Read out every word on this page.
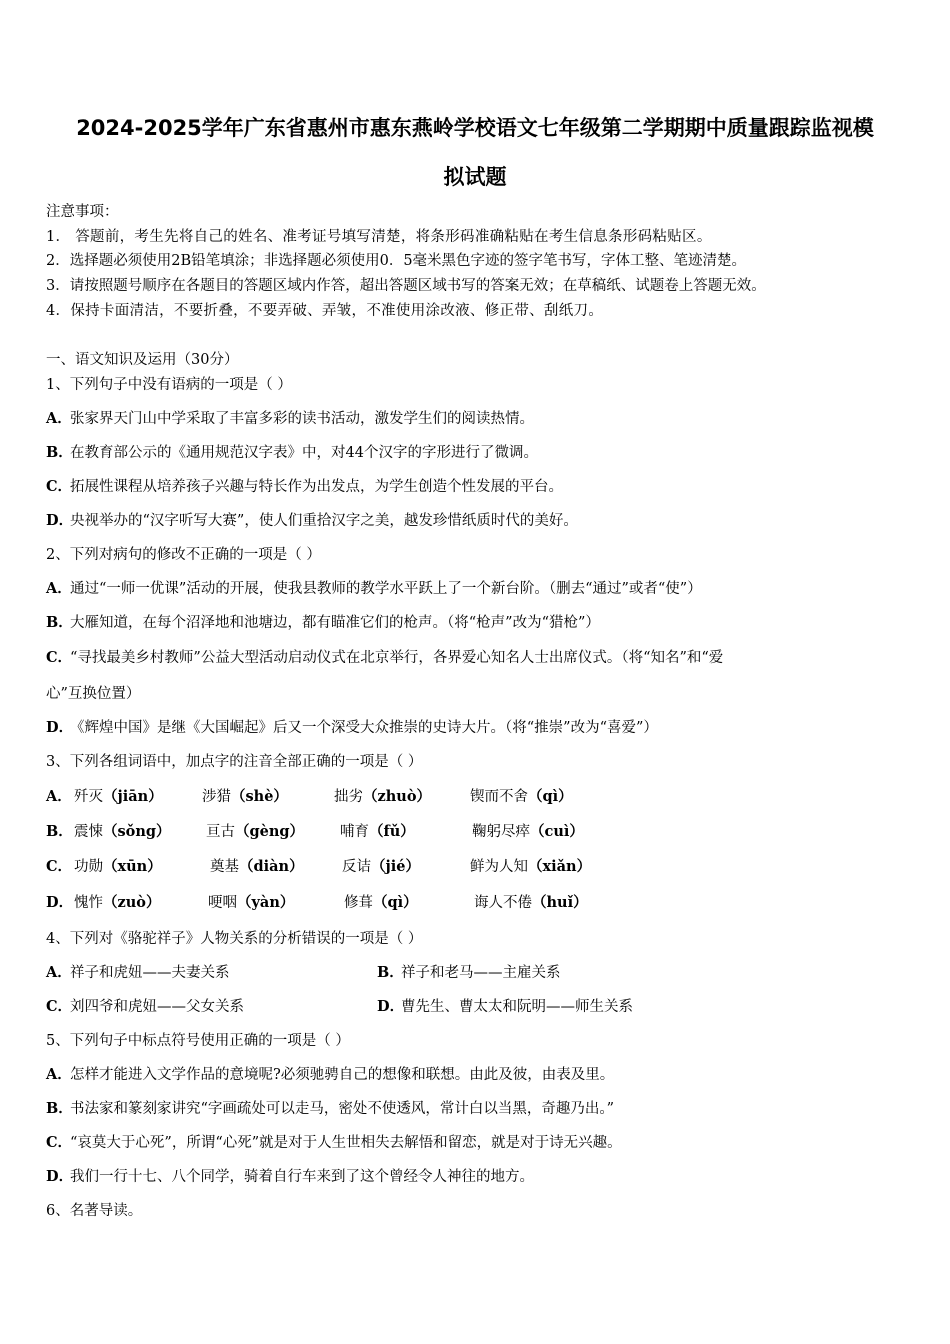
2024-2025学年广东省惠州市惠东燕岭学校语文七年级第二学期期中质量跟踪监视模
拟试题
注意事项：
1． 答题前，考生先将自己的姓名、准考证号填写清楚，将条形码准确粘贴在考生信息条形码粘贴区。
2．选择题必须使用2B铅笔填涂；非选择题必须使用0．5毫米黑色字迹的签字笔书写，字体工整、笔迹清楚。
3．请按照题号顺序在各题目的答题区域内作答，超出答题区域书写的答案无效；在草稿纸、试题卷上答题无效。
4．保持卡面清洁，不要折叠，不要弄破、弄皱，不准使用涂改液、修正带、刮纸刀。
一、语文知识及运用（30分）
1、下列句子中没有语病的一项是（ ）
A．张家界天门山中学采取了丰富多彩的读书活动，激发学生们的阅读热情。
B．在教育部公示的《通用规范汉字表》中，对44个汉字的字形进行了微调。
C．拓展性课程从培养孩子兴趣与特长作为出发点，为学生创造个性发展的平台。
D．央视举办的“汉字听写大赛”，使人们重拾汉字之美，越发珍惜纸质时代的美好。
2、下列对病句的修改不正确的一项是（ ）
A．通过“一师一优课”活动的开展，使我县教师的教学水平跃上了一个新台阶。（删去“通过”或者“使”）
B．大雁知道，在每个沼泽地和池塘边，都有瞄准它们的枪声。（将“枪声”改为“猎枪”）
C．“寻找最美乡村教师”公益大型活动启动仪式在北京举行，各界爱心知名人士出席仪式。（将“知名”和“爱
心”互换位置）
D．《辉煌中国》是继《大国崛起》后又一个深受大众推崇的史诗大片。（将“推崇”改为“喜爱”）
3、下列各组词语中，加点字的注音全部正确的一项是（ ）
A． 歼灭（jiān）	涉猎（shè）	拙劣（zhuò）	锲而不舍（qì）
B． 震悚（sǒng） 亘古（gèng） 哺育（fǔ）	鞠躬尽瘁（cuì）
C． 功勋（xūn）	奠基（diàn）	反诘（jié）	鲜为人知（xiǎn）
D． 愧怍（zuò）	哽咽（yàn）	修葺（qì）	诲人不倦（huǐ）
4、下列对《骆驼祥子》人物关系的分析错误的一项是（ ）
A．祥子和虎妞——夫妻关系	B．祥子和老马——主雇关系
C．刘四爷和虎妞——父女关系	D．曹先生、曹太太和阮明——师生关系
5、下列句子中标点符号使用正确的一项是（ ）
A．怎样才能进入文学作品的意境呢?必须驰骋自己的想像和联想。由此及彼，由表及里。
B．书法家和篆刻家讲究“字画疏处可以走马，密处不使透风，常计白以当黑，奇趣乃出。”
C．“哀莫大于心死”，所谓“心死”就是对于人生世相失去解悟和留恋，就是对于诗无兴趣。
D．我们一行十七、八个同学，骑着自行车来到了这个曾经令人神往的地方。
6、名著导读。
